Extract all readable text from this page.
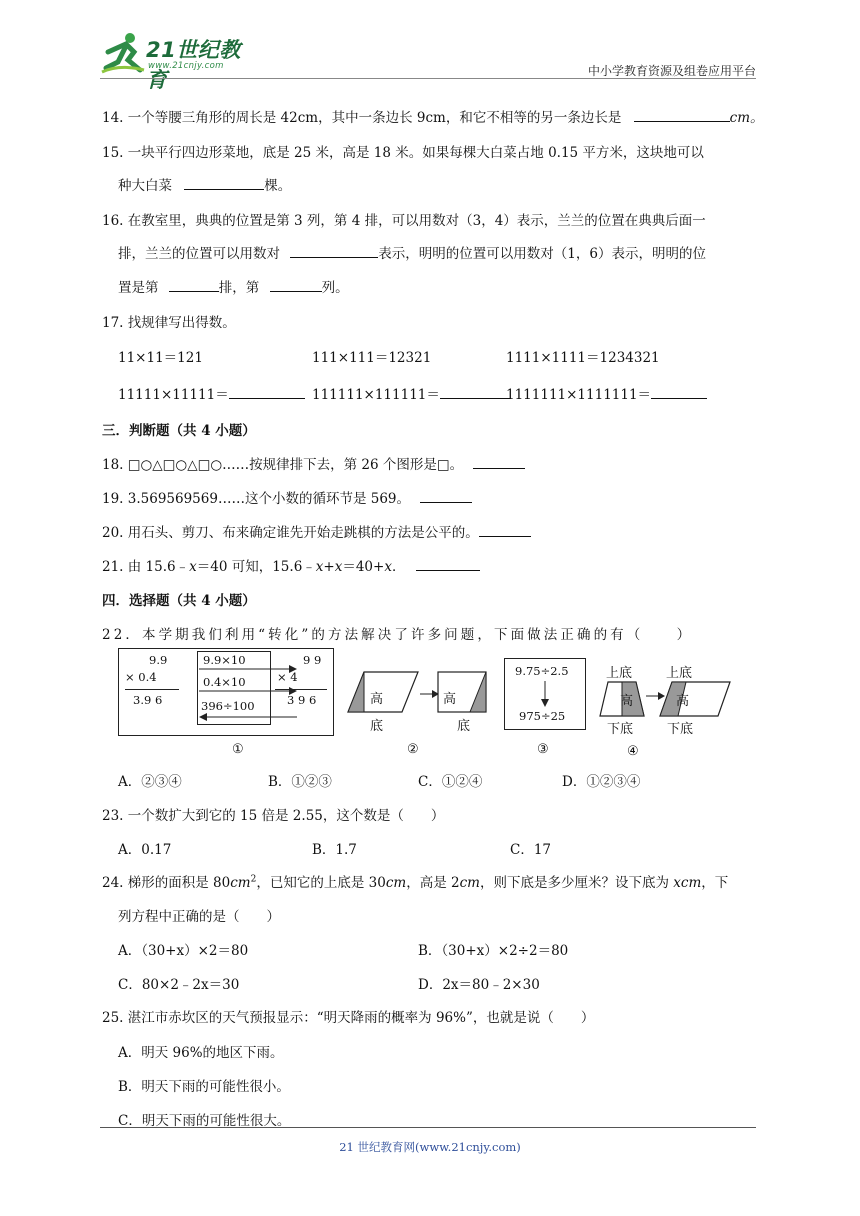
21世纪教育
www.21cnjy.com	中小学教育资源及组卷应用平台
14. 一个等腰三角形的周长是 42cm，其中一条边长 9cm，和它不相等的另一条边长是	cm。
15. 一块平行四边形菜地，底是 25 米，高是 18 米。如果每棵大白菜占地 0.15 平方米，这块地可以
种大白菜	棵。
16. 在教室里，典典的位置是第 3 列，第 4 排，可以用数对（3，4）表示，兰兰的位置在典典后面一
排，兰兰的位置可以用数对	表示，明明的位置可以用数对（1，6）表示，明明的位
置是第	排，第	列。
17. 找规律写出得数。
11×11＝121	111×111＝12321	1111×1111＝1234321
11111×11111＝	111111×111111＝	1111111×1111111＝
三．判断题（共 4 小题）
18. □○△□○△□○……按规律排下去，第 26 个图形是□。
19. 3.569569569……这个小数的循环节是 569。
20. 用石头、剪刀、布来确定谁先开始走跳棋的方法是公平的。
21. 由 15.6﹣x＝40 可知，15.6﹣x+x＝40+x．
四．选择题（共 4 小题）
22．本学期我们利用“转化”的方法解决了许多问题，下面做法正确的有（　　）
9.9
× 0.4
3.9 6
9.9×10
0.4×10
396÷100
9 9
× 4
3 9 6
①
高
底
高
底
②
9.75÷2.5
975÷25
③
上底	上底
高	高
下底	下底
④
A．②③④	B．①②③	C．①②④	D．①②③④
23. 一个数扩大到它的 15 倍是 2.55，这个数是（　　）
A．0.17	B．1.7	C．17
24. 梯形的面积是 $80cm^2$，已知它的上底是 30cm，高是 2cm，则下底是多少厘米？设下底为 xcm，下
列方程中正确的是（　　）
A．（30+x）×2＝80	B．（30+x）×2÷2＝80
C．80×2﹣2x＝30	D．2x＝80﹣2×30
25. 湛江市赤坎区的天气预报显示：“明天降雨的概率为 96%”，也就是说（　　）
A．明天 96%的地区下雨。
B．明天下雨的可能性很小。
C．明天下雨的可能性很大。
21 世纪教育网(www.21cnjy.com)
